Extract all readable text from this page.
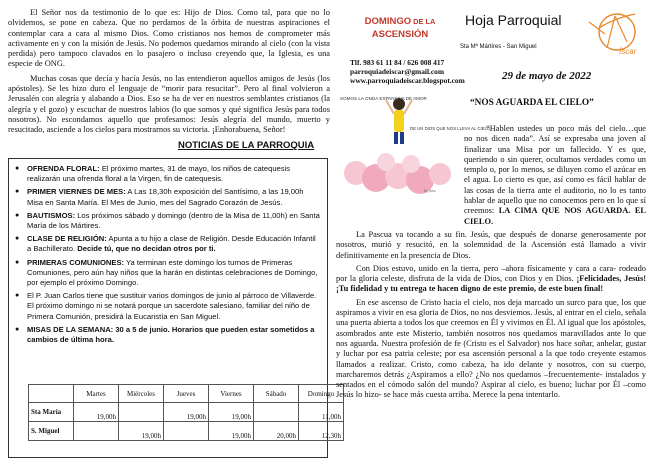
El Señor nos da testimonio de lo que es: Hijo de Dios. Como tal, para que no lo olvidemos, se pone en cabeza. Que no perdamos de la órbita de nuestras aspiraciones el contemplar cara a cara al mismo Dios. Como cristianos nos hemos de comprometer más activamente en y con la misión de Jesús. No podemos quedarnos mirando al cielo (con la vista perdida) pero tampoco clavados en lo pasajero o incluso creyendo que, la Iglesia, es una especie de ONG.

Muchas cosas que decía y hacía Jesús, no las entendieron aquellos amigos de Jesús (los apóstoles). Se les hizo duro el lenguaje de “morir para resucitar”. Pero al final volvieron a Jerusalén con alegría y alabando a Dios. Eso se ha de ver en nuestros semblantes cristianos (la alegría y el gozo) y escuchar de nuestros labios (lo que somos y qué significa Jesús para todos nosotros). No escondamos aquello que profesamos: Jesús alegría del mundo, muerto y resucitado, asciende a los cielos para mostrarnos su victoria. ¡Enhorabuena, Señor!

NOTICIAS DE LA PARROQUIA
● OFRENDA FLORAL: El próximo martes, 31 de mayo, los niños de catequesis realizarán una ofrenda floral a la Virgen, fin de catequesis.
● PRIMER VIERNES DE MES: A Las 18,30h exposición del Santísimo, a las 19,00h Misa en Santa María. El Mes de Junio, mes del Sagrado Corazón de Jesús.
● BAUTISMOS: Los próximos sábado y domingo (dentro de la Misa de 11,00h) en Santa María de los Mártires.
● CLASE DE RELIGIÓN: Apunta a tu hijo a clase de Religión. Desde Educación Infantil a Bachillerato. Decide tú, que no decidan otros por ti.
● PRIMERAS COMUNIONES: Ya terminan este domingo los turnos de Primeras Comuniones, pero aún hay niños que la harán en distintas celebraciones de Domingo, por ejemplo el próximo Domingo.
● El P. Juan Carlos tiene que sustituir varios domingos de junio al párroco de Villaverde. El próximo domingo ni se notará porque un sacerdote salesiano, familiar del niño de Primera Comunión, presidirá la Eucaristía en San Miguel.
● MISAS DE LA SEMANA: 30 a 5 de junio. Horarios que pueden estar sometidos a cambios de última hora.
	Martes	Miércoles	Jueves	Viernes	Sábado	Domingo
Sta María	19,00h		19,00h	19,00h		11,00h
S. Miguel		19,00h		19,00h	20,00h	12,30h
DOMINGO DE LA
ASCENSIÓN
Tlf. 983 61 11 84 / 626 008 417
parroquiadeiscar@gmail.com
www.parroquiadeiscar.blogspot.com
Hoja Parroquial
Sta Mª Mártires - San Miguel	Íscar
29 de mayo de 2022
SOMOS LA ONDA EXPANSIVA DE AMOR
DE UN DIOS QUE NOS LLEVA AL CIELO
by fano
“NOS AGUARDA EL CIELO”

“Hablen ustedes un poco más del cielo…que no nos dicen nada”. Así se expresaba una joven al finalizar una Misa por un fallecido. Y es que, queriendo o sin querer, ocultamos verdades como un templo o, por lo menos, se diluyen como el azúcar en el agua. Lo cierto es que, así como es fácil hablar de las cosas de la tierra ante el auditorio, no lo es tanto hablar de aquello que no conocemos pero en lo que sí creemos: LA CIMA QUE NOS AGUARDA. EL CIELO.

La Pascua va tocando a su fin. Jesús, que después de donarse generosamente por nosotros, murió y resucitó, en la solemnidad de la Ascensión está llamado a vivir definitivamente en la presencia de Dios.

Con Dios estuvo, unido en la tierra, pero –ahora físicamente y cara a cara- rodeado por la gloria celeste, disfruta de la vida de Dios, con Dios y en Dios. ¡Felicidades, Jesús! ¡Tu fidelidad y tu entrega te hacen digno de este premio, de este buen final!

En ese ascenso de Cristo hacia el cielo, nos deja marcado un surco para que, los que aspiramos a vivir en esa gloria de Dios, no nos desviemos. Jesús, al entrar en el cielo, señala una puerta abierta a todos los que creemos en Él y vivimos en Él. Al igual que los apóstoles, asombrados ante este Misterio, también nosotros nos quedamos maravillados ante lo que nos aguarda. Nuestra profesión de fe (Cristo es el Salvador) nos hace soñar, anhelar, gustar y luchar por esa patria celeste; por esa ascensión personal a la que todo creyente estamos llamados a realizar. Cristo, como cabeza, ha ido delante y nosotros, con su cuerpo, marcharemos detrás ¿Aspiramos a ello? ¿No nos quedamos –frecuentemente- instalados y sentados en el cómodo salón del mundo? Aspirar al cielo, es bueno; luchar por Él –como Jesús lo hizo- se hace más cuesta arriba. Merece la pena intentarlo.
